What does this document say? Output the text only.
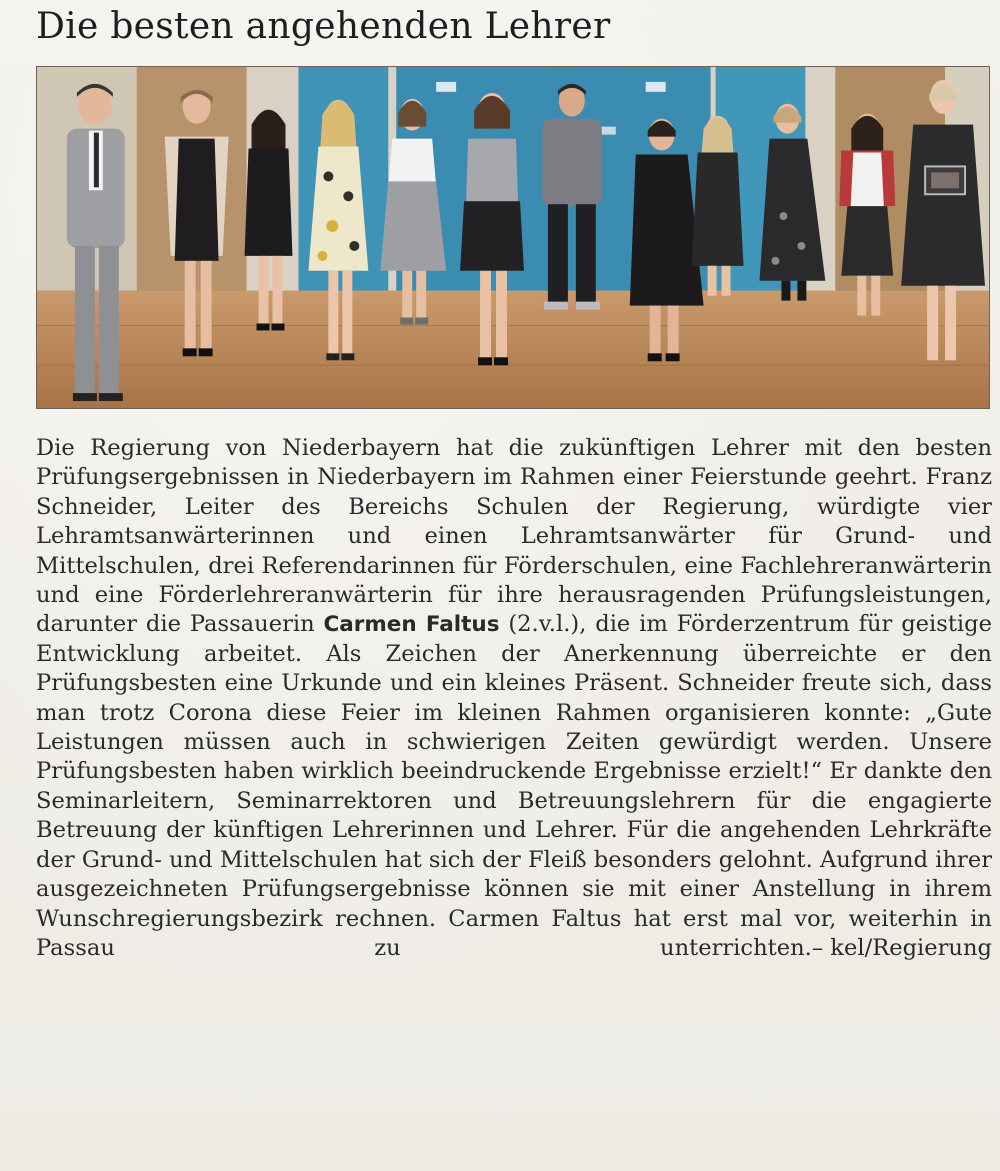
Die besten angehenden Lehrer

Die Regierung von Niederbayern hat die zukünftigen Lehrer mit den besten Prüfungsergebnissen in Niederbayern im Rahmen einer Feierstunde geehrt. Franz Schneider, Leiter des Bereichs Schulen der Regierung, würdigte vier Lehramtsanwärterinnen und einen Lehramtsanwärter für Grund- und Mittelschulen, drei Referendarinnen für Förderschulen, eine Fachlehreranwärterin und eine Förderlehreranwärterin für ihre herausragenden Prüfungsleistungen, darunter die Passauerin Carmen Faltus (2.v.l.), die im Förderzentrum für geistige Entwicklung arbeitet. Als Zeichen der Anerkennung überreichte er den Prüfungsbesten eine Urkunde und ein kleines Präsent. Schneider freute sich, dass man trotz Corona diese Feier im kleinen Rahmen organisieren konnte: „Gute Leistungen müssen auch in schwierigen Zeiten gewürdigt werden. Unsere Prüfungsbesten haben wirklich beeindruckende Ergebnisse erzielt!“ Er dankte den Seminarleitern, Seminarrektoren und Betreuungslehrern für die engagierte Betreuung der künftigen Lehrerinnen und Lehrer. Für die angehenden Lehrkräfte der Grund- und Mittelschulen hat sich der Fleiß besonders gelohnt. Aufgrund ihrer ausgezeichneten Prüfungsergebnisse können sie mit einer Anstellung in ihrem Wunschregierungsbezirk rechnen. Carmen Faltus hat erst mal vor, weiterhin in Passau zu unterrichten. – kel/Regierung
